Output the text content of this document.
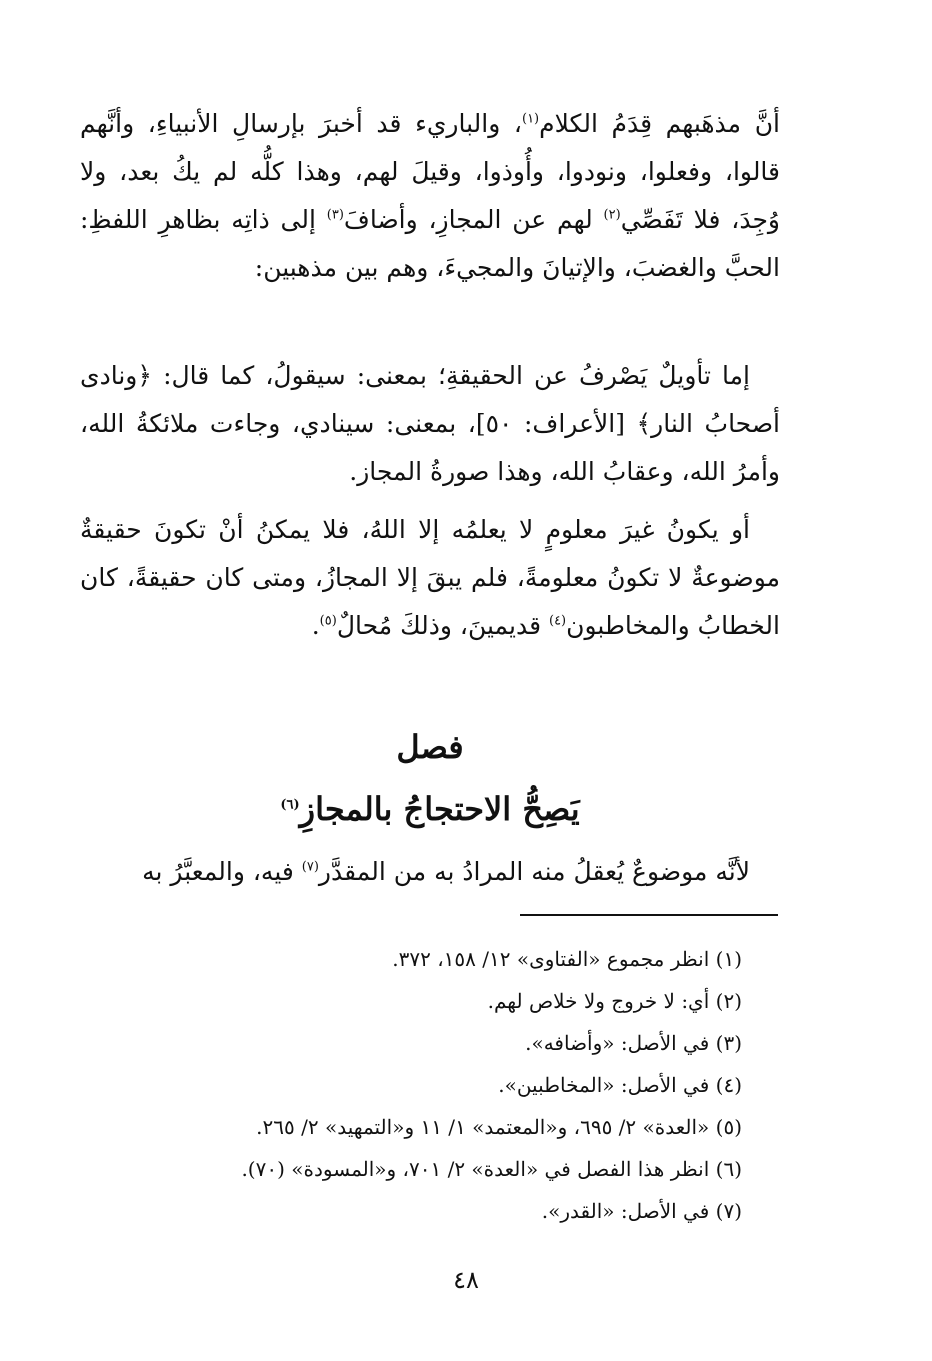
أنَّ مذهَبهم قِدَمُ الكلام$^{(١)}$، والباريء قد أخبرَ بإرسالِ الأنبياءِ، وأنَّهم قالوا، وفعلوا، ونودوا، وأُوذوا، وقيلَ لهم، وهذا كلُّه لم يكُ بعد، ولا وُجِدَ، فلا تَفَصِّي$^{(٢)}$ لهم عن المجازِ، وأضافَ$^{(٣)}$ إلى ذاتِه بظاهرِ اللفظِ: الحبَّ والغضبَ، والإتيانَ والمجيءَ، وهم بين مذهبين:

إما تأويلٌ يَصْرفُ عن الحقيقةِ؛ بمعنى: سيقولُ، كما قال: ﴿ونادى أصحابُ النار﴾ [الأعراف: ٥٠]، بمعنى: سينادي، وجاءت ملائكةُ الله، وأمرُ الله، وعقابُ الله، وهذا صورةُ المجاز.

أو يكونُ غيرَ معلومٍ لا يعلمُه إلا اللهُ، فلا يمكنُ أنْ تكونَ حقيقةٌ موضوعةٌ لا تكونُ معلومةً، فلم يبقَ إلا المجازُ، ومتى كان حقيقةً، كان الخطابُ والمخاطبون$^{(٤)}$ قديمينَ، وذلكَ مُحالٌ$^{(٥)}$.

فصل
يَصِحُّ الاحتجاجُ بالمجازِ$^{(٦)}$

لأنَّه موضوعٌ يُعقلُ منه المرادُ به من المقدَّر$^{(٧)}$ فيه، والمعبَّرُ به

(١) انظر مجموع «الفتاوى» ١٢/ ١٥٨، ٣٧٢.
(٢) أي: لا خروج ولا خلاص لهم.
(٣) في الأصل: «وأضافه».
(٤) في الأصل: «المخاطبين».
(٥) «العدة» ٢/ ٦٩٥، و«المعتمد» ١/ ١١ و«التمهيد» ٢/ ٢٦٥.
(٦) انظر هذا الفصل في «العدة» ٢/ ٧٠١، و«المسودة» (٧٠).
(٧) في الأصل: «القدر».
٤٨
